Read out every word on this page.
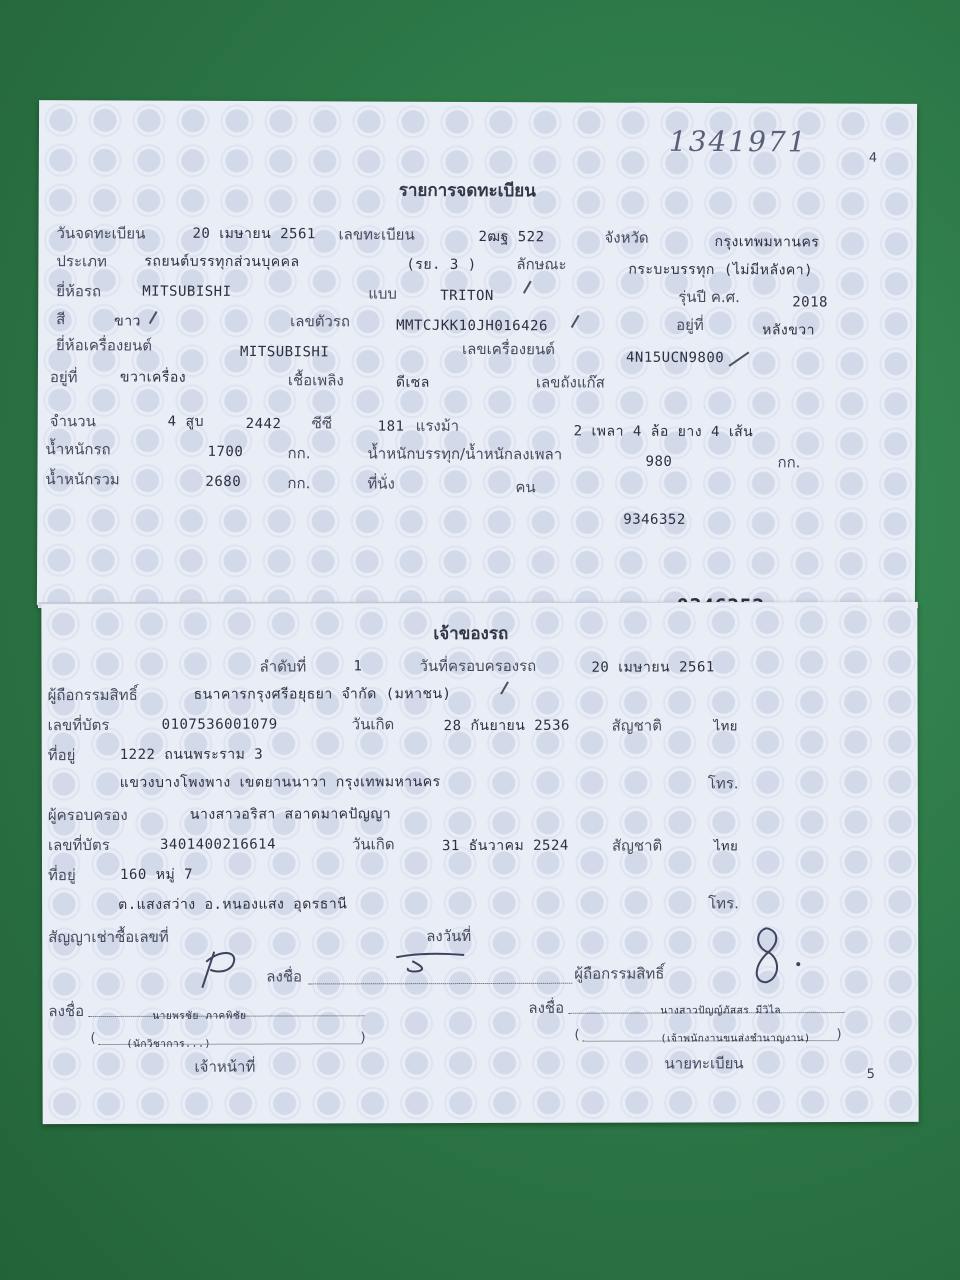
1341971	4
รายการจดทะเบียน
วันจดทะเบียน	20 เมษายน 2561 เลขทะเบียน	2ฒฐ 522	จังหวัด	กรุงเทพมหานคร
ประเภท	รถยนต์บรรทุกส่วนบุคคล	(รย. 3 )	ลักษณะ	กระบะบรรทุก (ไม่มีหลังคา)
ยี่ห้อรถ	MITSUBISHI	แบบ	TRITON	รุ่นปี ค.ศ.	2018
สี	ขาว	เลขตัวรถ	MMTCJKK10JH016426	อยู่ที่	หลังขวา
ยี่ห้อเครื่องยนต์	MITSUBISHI	เลขเครื่องยนต์	4N15UCN9800
อยู่ที่	ขวาเครื่อง	เชื้อเพลิง	ดีเซล	เลขถังแก๊ส
จำนวน	4 สูบ	2442 ซีซี	181 แรงม้า	2 เพลา 4 ล้อ ยาง 4 เส้น
น้ำหนักรถ	1700	กก.	น้ำหนักบรรทุก/น้ำหนักลงเพลา	980	กก.
น้ำหนักรวม	2680	กก.	ที่นั่ง	คน
9346352
เจ้าของรถ
ลำดับที่	1	วันที่ครอบครองรถ	20 เมษายน 2561
ผู้ถือกรรมสิทธิ์	ธนาคารกรุงศรีอยุธยา จำกัด (มหาชน)
เลขที่บัตร	0107536001079	วันเกิด	28 กันยายน 2536	สัญชาติ	ไทย
ที่อยู่	1222 ถนนพระราม 3
แขวงบางโพงพาง เขตยานนาวา กรุงเทพมหานคร	โทร.
ผู้ครอบครอง	นางสาวอริสา สอาดมาคปัญญา
เลขที่บัตร	3401400216614	วันเกิด	31 ธันวาคม 2524	สัญชาติ	ไทย
ที่อยู่	160 หมู่ 7
ต.แสงสว่าง อ.หนองแสง อุดรธานี	โทร.
สัญญาเช่าซื้อเลขที่	ลงวันที่
ลงชื่อ	ผู้ถือกรรมสิทธิ์
ลงชื่อ	นายพรชัย ภาคพิชัย	ลงชื่อ	นางสาวปัญญ์ภัสสร มีวิไล
(	(นักวิชาการ...)	)	(	(เจ้าพนักงานขนส่งชำนาญงาน) )
เจ้าหน้าที่	นายทะเบียน
5
